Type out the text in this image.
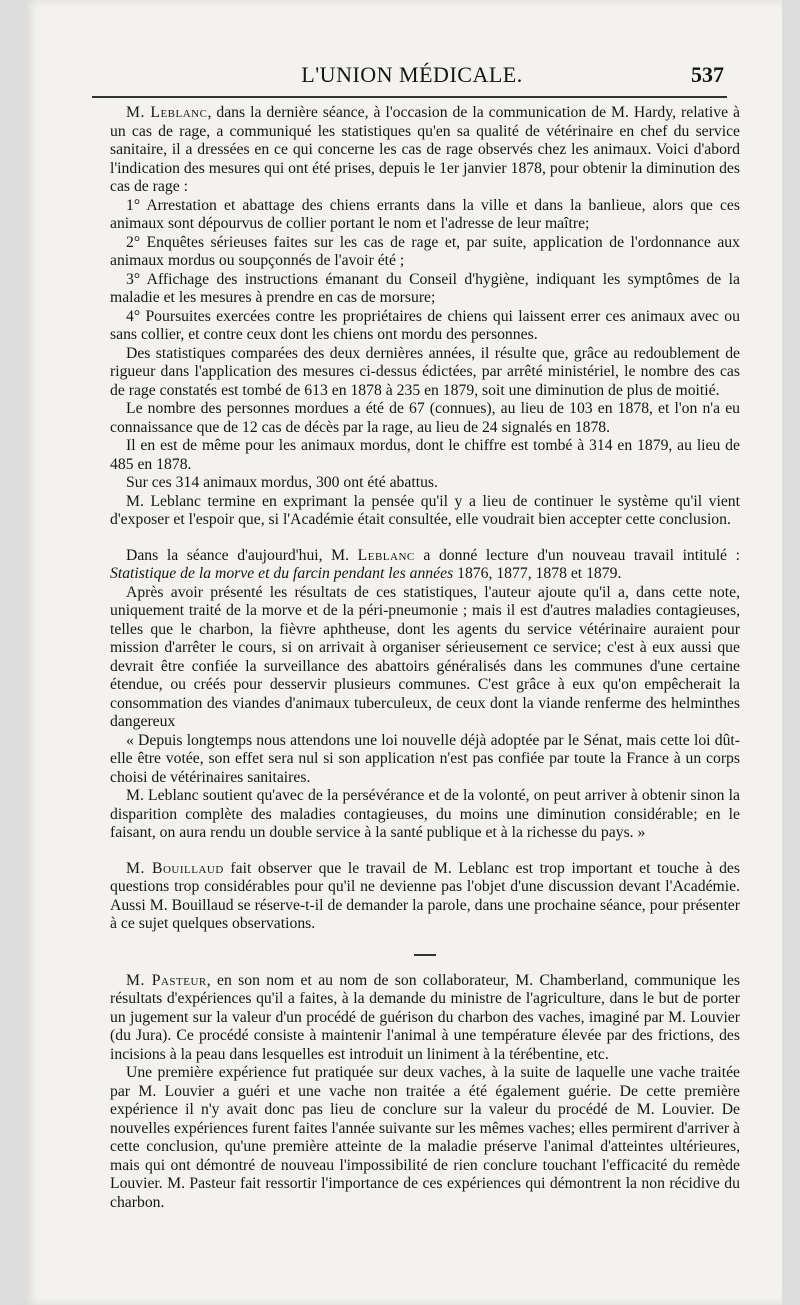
L'UNION MÉDICALE.	537

M. Leblanc, dans la dernière séance, à l'occasion de la communication de M. Hardy, relative à un cas de rage, a communiqué les statistiques qu'en sa qualité de vétérinaire en chef du service sanitaire, il a dressées en ce qui concerne les cas de rage observés chez les animaux. Voici d'abord l'indication des mesures qui ont été prises, depuis le 1er janvier 1878, pour obtenir la diminution des cas de rage :

1° Arrestation et abattage des chiens errants dans la ville et dans la banlieue, alors que ces animaux sont dépourvus de collier portant le nom et l'adresse de leur maître;

2° Enquêtes sérieuses faites sur les cas de rage et, par suite, application de l'ordonnance aux animaux mordus ou soupçonnés de l'avoir été ;

3° Affichage des instructions émanant du Conseil d'hygiène, indiquant les symptômes de la maladie et les mesures à prendre en cas de morsure;

4° Poursuites exercées contre les propriétaires de chiens qui laissent errer ces animaux avec ou sans collier, et contre ceux dont les chiens ont mordu des personnes.

Des statistiques comparées des deux dernières années, il résulte que, grâce au redoublement de rigueur dans l'application des mesures ci-dessus édictées, par arrêté ministériel, le nombre des cas de rage constatés est tombé de 613 en 1878 à 235 en 1879, soit une diminution de plus de moitié.

Le nombre des personnes mordues a été de 67 (connues), au lieu de 103 en 1878, et l'on n'a eu connaissance que de 12 cas de décès par la rage, au lieu de 24 signalés en 1878.

Il en est de même pour les animaux mordus, dont le chiffre est tombé à 314 en 1879, au lieu de 485 en 1878.

Sur ces 314 animaux mordus, 300 ont été abattus.

M. Leblanc termine en exprimant la pensée qu'il y a lieu de continuer le système qu'il vient d'exposer et l'espoir que, si l'Académie était consultée, elle voudrait bien accepter cette conclusion.

Dans la séance d'aujourd'hui, M. Leblanc a donné lecture d'un nouveau travail intitulé : Statistique de la morve et du farcin pendant les années 1876, 1877, 1878 et 1879.

Après avoir présenté les résultats de ces statistiques, l'auteur ajoute qu'il a, dans cette note, uniquement traité de la morve et de la péri-pneumonie ; mais il est d'autres maladies contagieuses, telles que le charbon, la fièvre aphtheuse, dont les agents du service vétérinaire auraient pour mission d'arrêter le cours, si on arrivait à organiser sérieusement ce service; c'est à eux aussi que devrait être confiée la surveillance des abattoirs généralisés dans les communes d'une certaine étendue, ou créés pour desservir plusieurs communes. C'est grâce à eux qu'on empêcherait la consommation des viandes d'animaux tuberculeux, de ceux dont la viande renferme des helminthes dangereux

« Depuis longtemps nous attendons une loi nouvelle déjà adoptée par le Sénat, mais cette loi dût-elle être votée, son effet sera nul si son application n'est pas confiée par toute la France à un corps choisi de vétérinaires sanitaires.

M. Leblanc soutient qu'avec de la persévérance et de la volonté, on peut arriver à obtenir sinon la disparition complète des maladies contagieuses, du moins une diminution considérable; en le faisant, on aura rendu un double service à la santé publique et à la richesse du pays. »

M. Bouillaud fait observer que le travail de M. Leblanc est trop important et touche à des questions trop considérables pour qu'il ne devienne pas l'objet d'une discussion devant l'Académie. Aussi M. Bouillaud se réserve-t-il de demander la parole, dans une prochaine séance, pour présenter à ce sujet quelques observations.

M. Pasteur, en son nom et au nom de son collaborateur, M. Chamberland, communique les résultats d'expériences qu'il a faites, à la demande du ministre de l'agriculture, dans le but de porter un jugement sur la valeur d'un procédé de guérison du charbon des vaches, imaginé par M. Louvier (du Jura). Ce procédé consiste à maintenir l'animal à une température élevée par des frictions, des incisions à la peau dans lesquelles est introduit un liniment à la térébentine, etc.

Une première expérience fut pratiquée sur deux vaches, à la suite de laquelle une vache traitée par M. Louvier a guéri et une vache non traitée a été également guérie. De cette première expérience il n'y avait donc pas lieu de conclure sur la valeur du procédé de M. Louvier. De nouvelles expériences furent faites l'année suivante sur les mêmes vaches; elles permirent d'arriver à cette conclusion, qu'une première atteinte de la maladie préserve l'animal d'atteintes ultérieures, mais qui ont démontré de nouveau l'impossibilité de rien conclure touchant l'efficacité du remède Louvier. M. Pasteur fait ressortir l'importance de ces expériences qui démontrent la non récidive du charbon.
